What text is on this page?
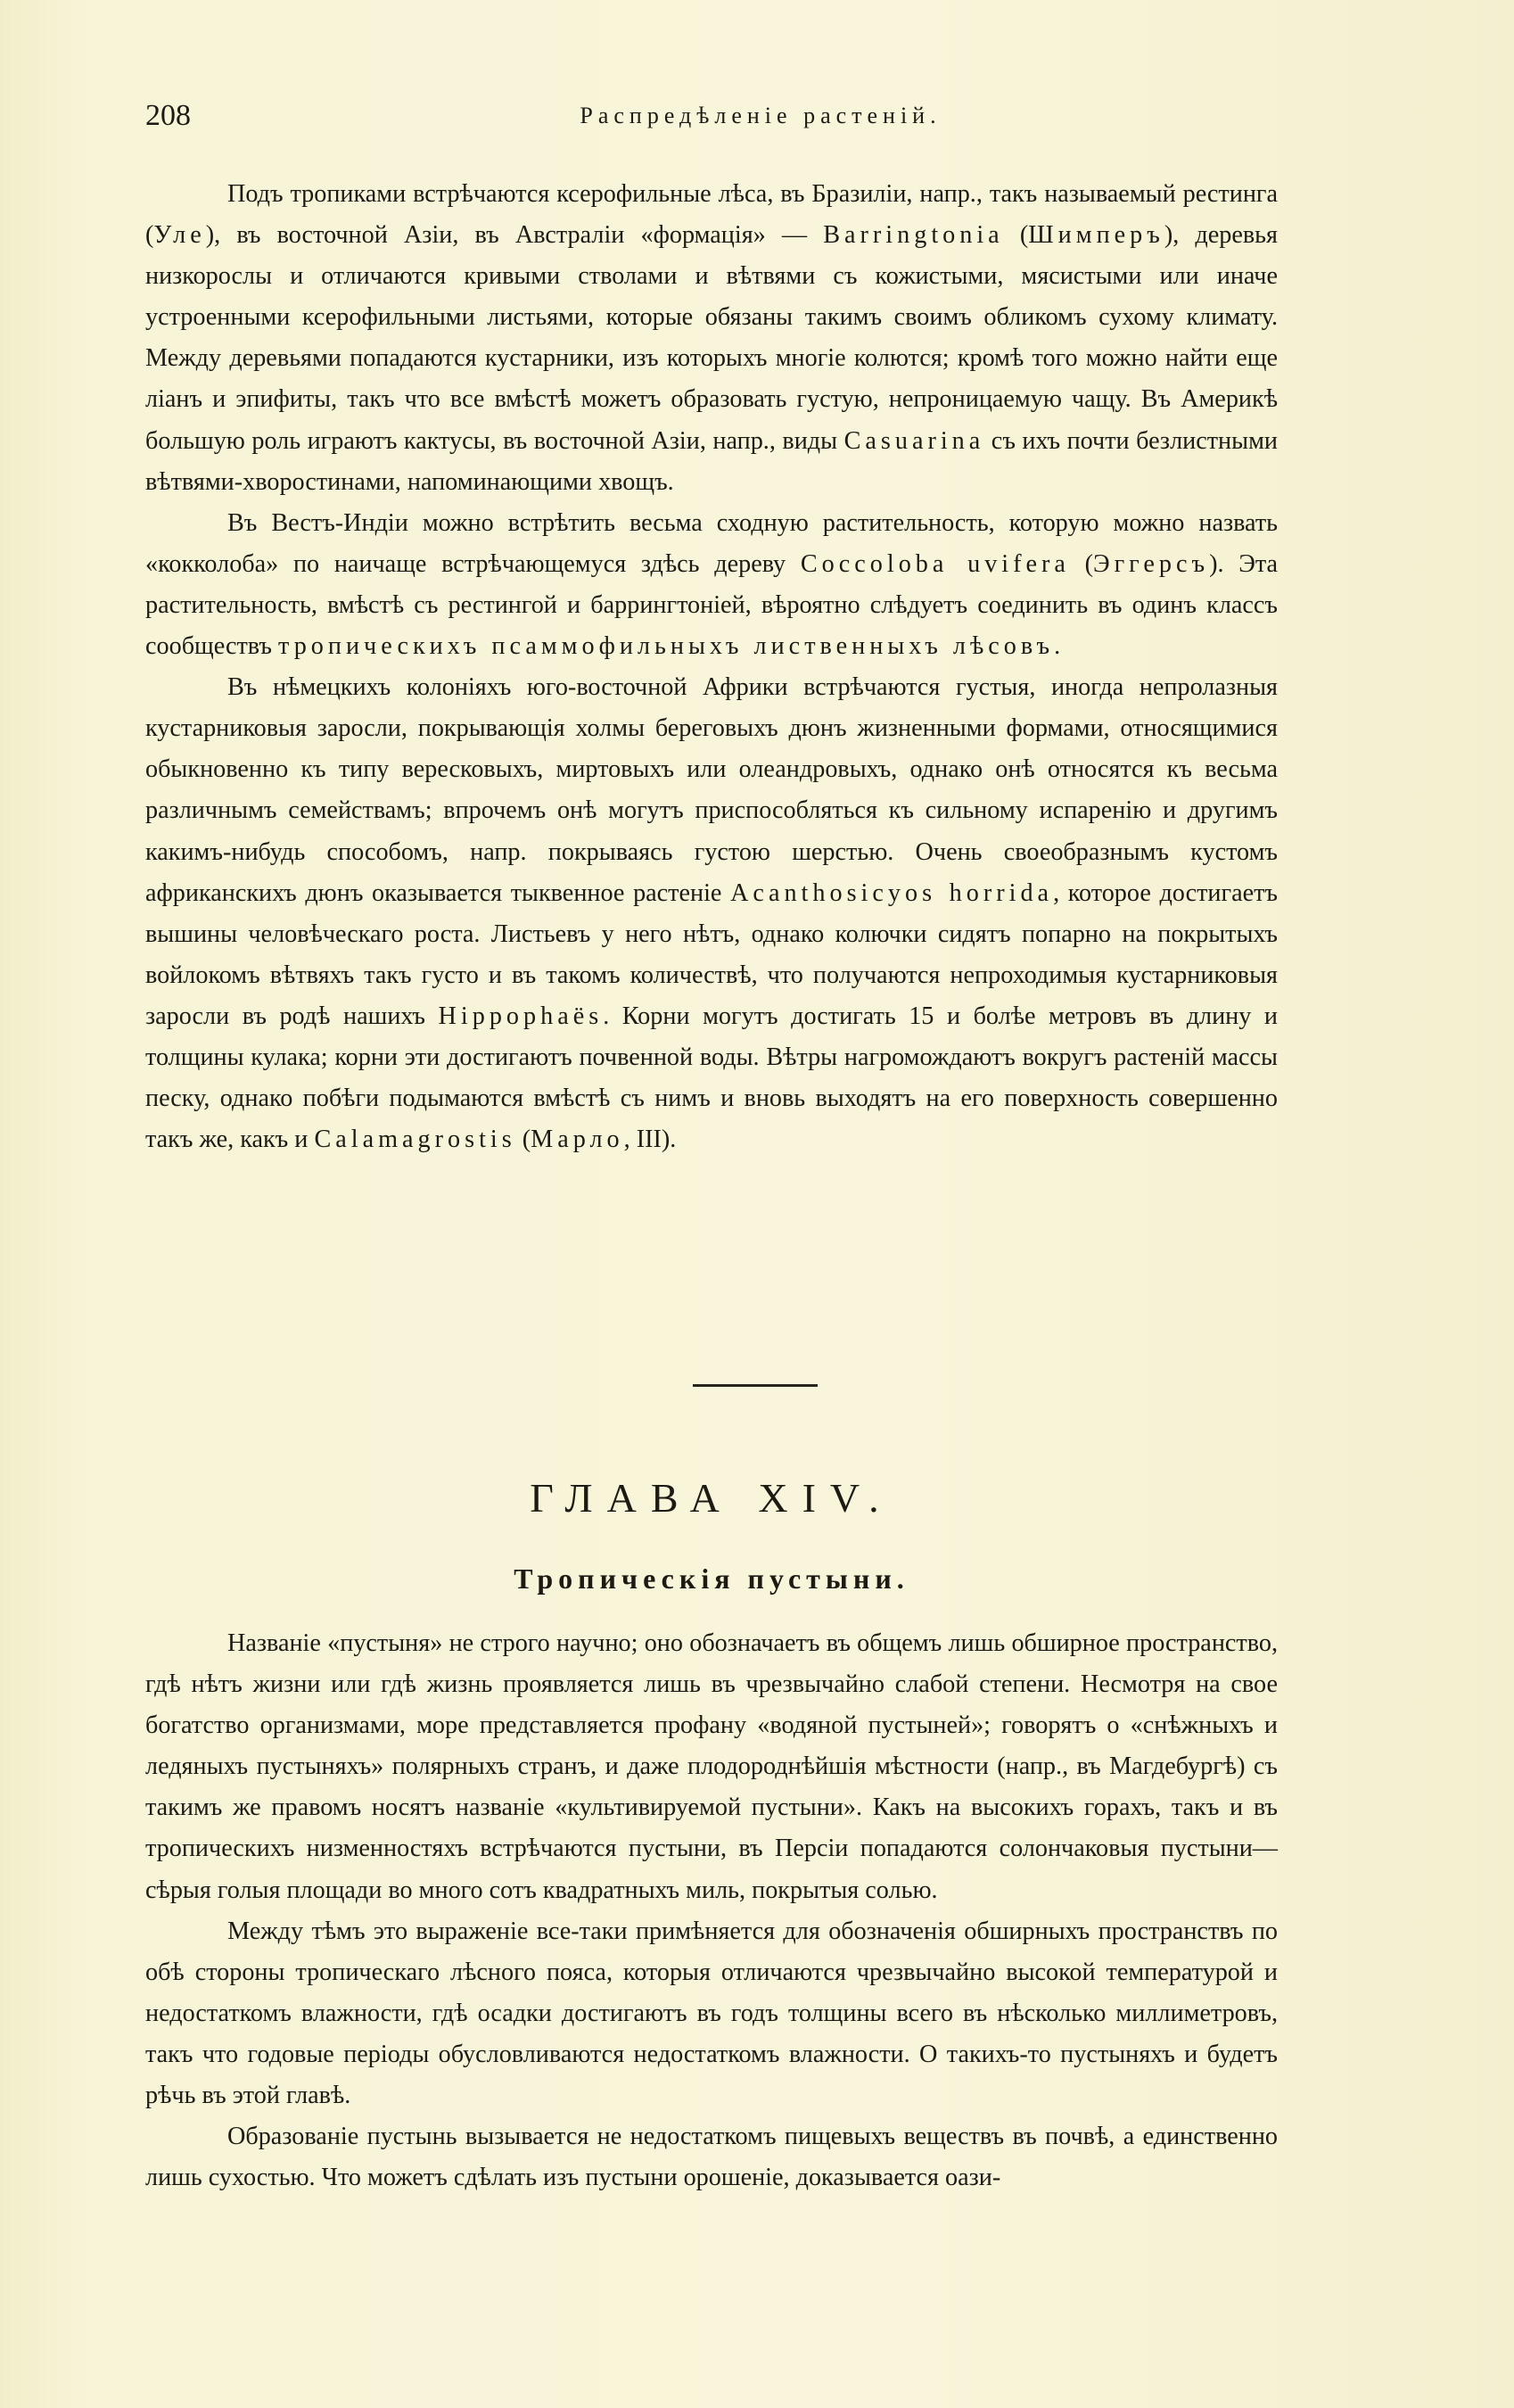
208	Распредѣленіе растеній.

Подъ тропиками встрѣчаются ксерофильные лѣса, въ Бразиліи, напр., такъ называемый рестинга (Уле), въ восточной Азіи, въ Австраліи «формація» — Barringtonia (Шимперъ), деревья низкорослы и отличаются кривыми стволами и вѣтвями съ кожистыми, мясистыми или иначе устроенными ксерофильными листьями, которые обязаны такимъ своимъ обликомъ сухому климату. Между деревьями попадаются кустарники, изъ которыхъ многіе колются; кромѣ того можно найти еще ліанъ и эпифиты, такъ что все вмѣстѣ можетъ образовать густую, непроницаемую чащу. Въ Америкѣ большую роль играютъ кактусы, въ восточной Азіи, напр., виды Casuarina съ ихъ почти безлистными вѣтвями-хворостинами, напоминающими хвощъ.

Въ Вестъ-Индіи можно встрѣтить весьма сходную растительность, которую можно назвать «кокколоба» по наичаще встрѣчающемуся здѣсь дереву Coccoloba uvifera (Эггерсъ). Эта растительность, вмѣстѣ съ рестингой и баррингтоніей, вѣроятно слѣдуетъ соединить въ одинъ классъ сообществъ тропическихъ псаммофильныхъ лиственныхъ лѣсовъ.

Въ нѣмецкихъ колоніяхъ юго-восточной Африки встрѣчаются густыя, иногда непролазныя кустарниковыя заросли, покрывающія холмы береговыхъ дюнъ жизненными формами, относящимися обыкновенно къ типу вересковыхъ, миртовыхъ или олеандровыхъ, однако онѣ относятся къ весьма различнымъ семействамъ; впрочемъ онѣ могутъ приспособляться къ сильному испаренію и другимъ какимъ-нибудь способомъ, напр. покрываясь густою шерстью. Очень своеобразнымъ кустомъ африканскихъ дюнъ оказывается тыквенное растеніе Acanthosicyos horrida, которое достигаетъ вышины человѣческаго роста. Листьевъ у него нѣтъ, однако колючки сидятъ попарно на покрытыхъ войлокомъ вѣтвяхъ такъ густо и въ такомъ количествѣ, что получаются непроходимыя кустарниковыя заросли въ родѣ нашихъ Hippophaës. Корни могутъ достигать 15 и болѣе метровъ въ длину и толщины кулака; корни эти достигаютъ почвенной воды. Вѣтры нагромождаютъ вокругъ растеній массы песку, однако побѣги подымаются вмѣстѣ съ нимъ и вновь выходятъ на его поверхность совершенно такъ же, какъ и Calamagrostis (Марло, III).

ГЛАВА XIV.
Тропическія пустыни.

Названіе «пустыня» не строго научно; оно обозначаетъ въ общемъ лишь обширное пространство, гдѣ нѣтъ жизни или гдѣ жизнь проявляется лишь въ чрезвычайно слабой степени. Несмотря на свое богатство организмами, море представляется профану «водяной пустыней»; говорятъ о «снѣжныхъ и ледяныхъ пустыняхъ» полярныхъ странъ, и даже плодороднѣйшія мѣстности (напр., въ Магдебургѣ) съ такимъ же правомъ носятъ названіе «культивируемой пустыни». Какъ на высокихъ горахъ, такъ и въ тропическихъ низменностяхъ встрѣчаются пустыни, въ Персіи попадаются солончаковыя пустыни—сѣрыя голыя площади во много сотъ квадратныхъ миль, покрытыя солью.

Между тѣмъ это выраженіе все-таки примѣняется для обозначенія обширныхъ пространствъ по обѣ стороны тропическаго лѣсного пояса, которыя отличаются чрезвычайно высокой температурой и недостаткомъ влажности, гдѣ осадки достигаютъ въ годъ толщины всего въ нѣсколько миллиметровъ, такъ что годовые періоды обусловливаются недостаткомъ влажности. О такихъ-то пустыняхъ и будетъ рѣчь въ этой главѣ.

Образованіе пустынь вызывается не недостаткомъ пищевыхъ веществъ въ почвѣ, а единственно лишь сухостью. Что можетъ сдѣлать изъ пустыни орошеніе, доказывается оази-
